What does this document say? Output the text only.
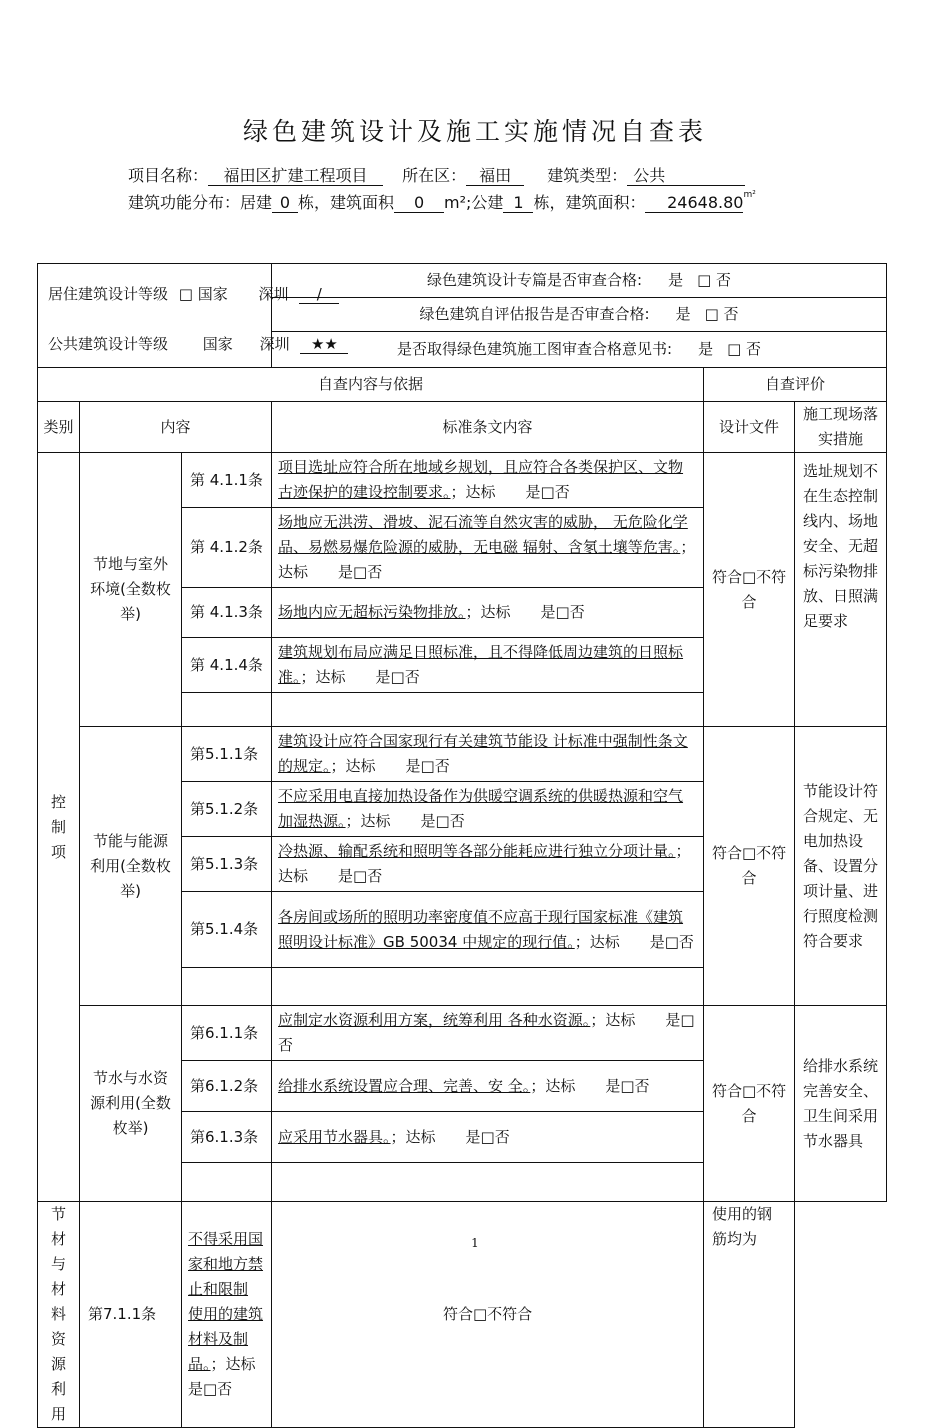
绿色建筑设计及施工实施情况自查表
项目名称： 福田区扩建工程项目 所在区： 福田 建筑类型： 公共
建筑功能分布：居建 0 栋，建筑面积 0 m²;公建 1 栋，建筑面积： $24648.80^{m^2}$
居住建筑设计等级 □ 国家 深圳 /
公共建筑设计等级 国家 深圳 ★★			绿色建筑设计专篇是否审查合格: 是 □ 否		
			绿色建筑自评估报告是否审查合格: 是 □ 否		
			是否取得绿色建筑施工图审查合格意见书: 是 □ 否		
自查内容与依据				自查评价	
类别	内容		标准条文内容	设计文件	施工现场落实措施
控制项	节地与室外环境(全数枚举)	第 4.1.1条	项目选址应符合所在地域乡规划，且应符合各类保护区、文物古迹保护的建设控制要求。；达标　　是□否	符合□不符合	选址规划不在生态控制线内、场地安全、无超标污染物排放、日照满足要求
		第 4.1.2条	场地应无洪涝、滑坡、泥石流等自然灾害的威胁， 无危险化学品、易燃易爆危险源的威胁，无电磁 辐射、含氡土壤等危害。；达标　　是□否		
		第 4.1.3条	场地内应无超标污染物排放。；达标　　是□否		
		第 4.1.4条	建筑规划布局应满足日照标准，且不得降低周边建筑的日照标准。；达标　　是□否		

	节能与能源利用(全数枚举)	第5.1.1条	建筑设计应符合国家现行有关建筑节能设 计标准中强制性条文的规定。；达标　　是□否	符合□不符合	节能设计符合规定、无电加热设备、设置分项计量、进行照度检测符合要求
		第5.1.2条	不应采用电直接加热设备作为供暖空调系统的供暖热源和空气加湿热源。；达标　　是□否		
		第5.1.3条	冷热源、输配系统和照明等各部分能耗应进行独立分项计量。；达标　　是□否		
		第5.1.4条	各房间或场所的照明功率密度值不应高于现行国家标准《建筑照明设计标准》GB 50034 中规定的现行值。；达标　　是□否		

	节水与水资源利用(全数枚举)	第6.1.1条	应制定水资源利用方案，统筹利用 各种水资源。；达标　　是□否	符合□不符合	给排水系统完善安全、卫生间采用节水器具
		第6.1.2条	给排水系统设置应合理、完善、安 全。；达标　　是□否		
		第6.1.3条	应采用节水器具。；达标　　是□否		

节材与材料资源利用	第7.1.1条	不得采用国家和地方禁止和限制 使用的建筑材料及制品。；达标　　是□否	符合□不符合	使用的钢筋均为	
1
